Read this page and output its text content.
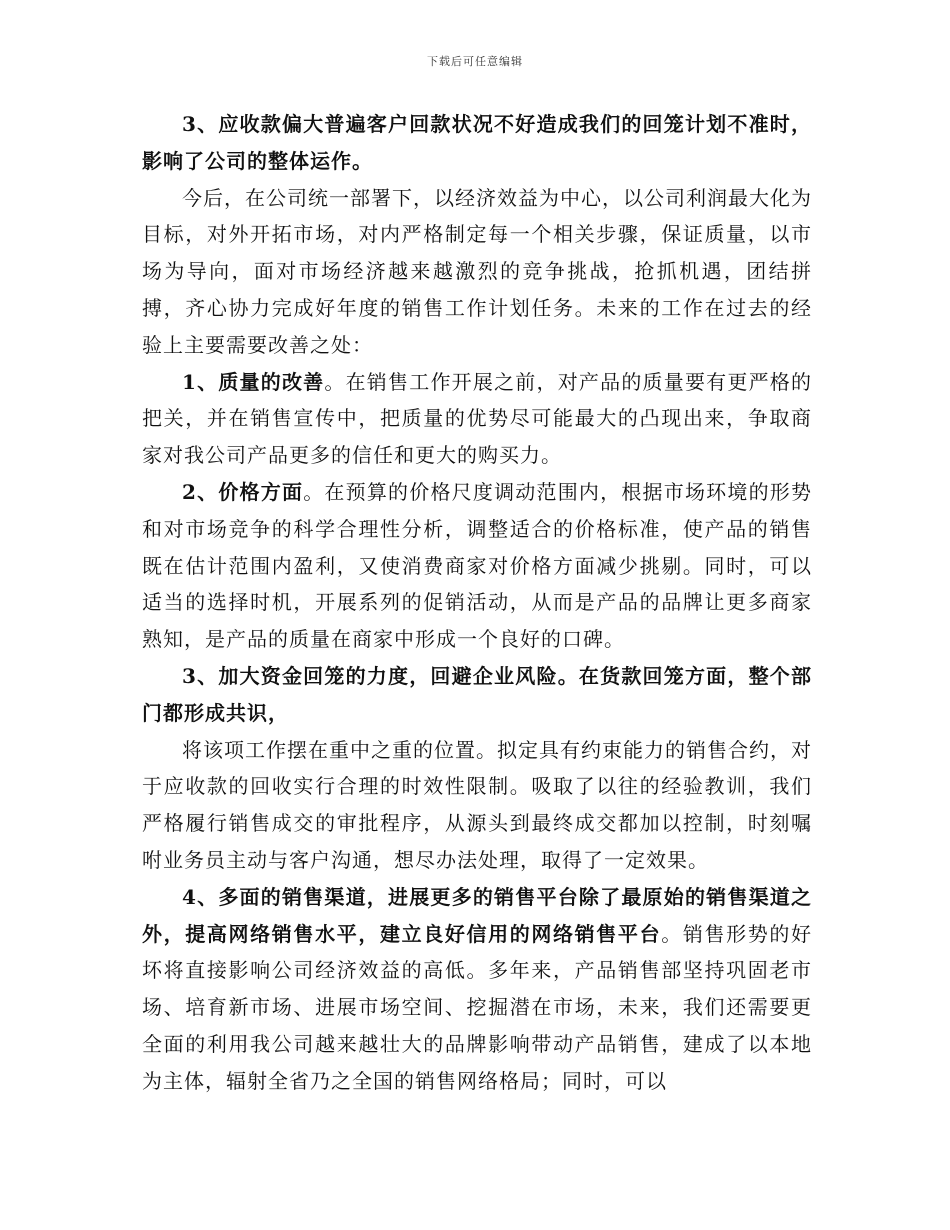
下载后可任意编辑

3、应收款偏大普遍客户回款状况不好造成我们的回笼计划不准时，影响了公司的整体运作。

今后，在公司统一部署下，以经济效益为中心，以公司利润最大化为目标，对外开拓市场，对内严格制定每一个相关步骤，保证质量，以市场为导向，面对市场经济越来越激烈的竞争挑战，抢抓机遇，团结拼搏，齐心协力完成好年度的销售工作计划任务。未来的工作在过去的经验上主要需要改善之处：

1、质量的改善。在销售工作开展之前，对产品的质量要有更严格的把关，并在销售宣传中，把质量的优势尽可能最大的凸现出来，争取商家对我公司产品更多的信任和更大的购买力。

2、价格方面。在预算的价格尺度调动范围内，根据市场环境的形势和对市场竞争的科学合理性分析，调整适合的价格标准，使产品的销售既在估计范围内盈利，又使消费商家对价格方面减少挑剔。同时，可以适当的选择时机，开展系列的促销活动，从而是产品的品牌让更多商家熟知，是产品的质量在商家中形成一个良好的口碑。

3、加大资金回笼的力度，回避企业风险。在货款回笼方面，整个部门都形成共识，

将该项工作摆在重中之重的位置。拟定具有约束能力的销售合约，对于应收款的回收实行合理的时效性限制。吸取了以往的经验教训，我们严格履行销售成交的审批程序，从源头到最终成交都加以控制，时刻嘱咐业务员主动与客户沟通，想尽办法处理，取得了一定效果。

4、多面的销售渠道，进展更多的销售平台除了最原始的销售渠道之外，提高网络销售水平，建立良好信用的网络销售平台。销售形势的好坏将直接影响公司经济效益的高低。多年来，产品销售部坚持巩固老市场、培育新市场、进展市场空间、挖掘潜在市场，未来，我们还需要更全面的利用我公司越来越壮大的品牌影响带动产品销售，建成了以本地为主体，辐射全省乃之全国的销售网络格局；同时，可以
